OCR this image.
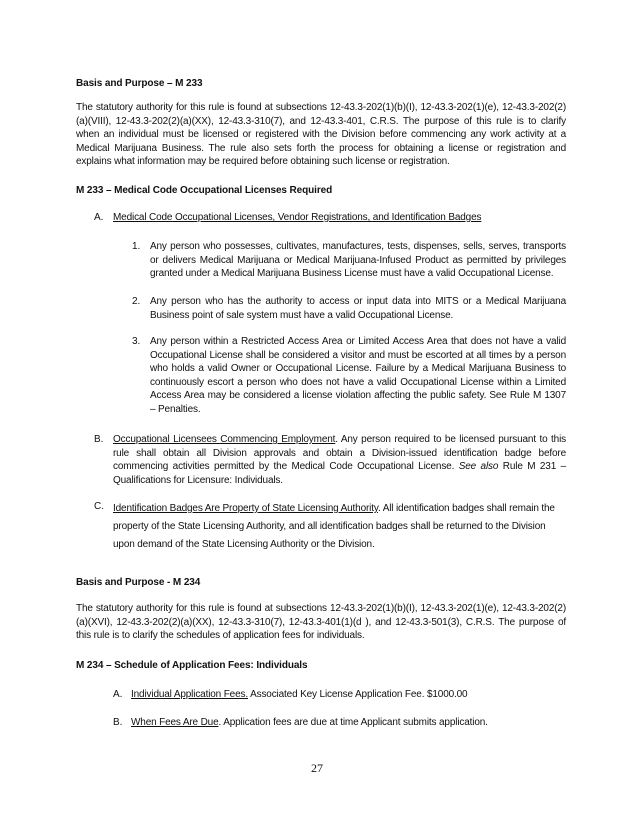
Basis and Purpose – M 233
The statutory authority for this rule is found at subsections 12-43.3-202(1)(b)(I), 12-43.3-202(1)(e), 12-43.3-202(2)(a)(VIII), 12-43.3-202(2)(a)(XX), 12-43.3-310(7), and 12-43.3-401, C.R.S. The purpose of this rule is to clarify when an individual must be licensed or registered with the Division before commencing any work activity at a Medical Marijuana Business. The rule also sets forth the process for obtaining a license or registration and explains what information may be required before obtaining such license or registration.
M 233 – Medical Code Occupational Licenses Required
A. Medical Code Occupational Licenses, Vendor Registrations, and Identification Badges
1. Any person who possesses, cultivates, manufactures, tests, dispenses, sells, serves, transports or delivers Medical Marijuana or Medical Marijuana-Infused Product as permitted by privileges granted under a Medical Marijuana Business License must have a valid Occupational License.
2. Any person who has the authority to access or input data into MITS or a Medical Marijuana Business point of sale system must have a valid Occupational License.
3. Any person within a Restricted Access Area or Limited Access Area that does not have a valid Occupational License shall be considered a visitor and must be escorted at all times by a person who holds a valid Owner or Occupational License. Failure by a Medical Marijuana Business to continuously escort a person who does not have a valid Occupational License within a Limited Access Area may be considered a license violation affecting the public safety. See Rule M 1307 – Penalties.
B. Occupational Licensees Commencing Employment. Any person required to be licensed pursuant to this rule shall obtain all Division approvals and obtain a Division-issued identification badge before commencing activities permitted by the Medical Code Occupational License. See also Rule M 231 – Qualifications for Licensure: Individuals.
C. Identification Badges Are Property of State Licensing Authority. All identification badges shall remain the
property of the State Licensing Authority, and all identification badges shall be returned to the Division
upon demand of the State Licensing Authority or the Division.
Basis and Purpose - M 234
The statutory authority for this rule is found at subsections 12-43.3-202(1)(b)(I), 12-43.3-202(1)(e), 12-43.3-202(2)(a)(XVI), 12-43.3-202(2)(a)(XX), 12-43.3-310(7), 12-43.3-401(1)(d ), and 12-43.3-501(3), C.R.S. The purpose of this rule is to clarify the schedules of application fees for individuals.
M 234 – Schedule of Application Fees: Individuals
A. Individual Application Fees. Associated Key License Application Fee. $1000.00
B. When Fees Are Due. Application fees are due at time Applicant submits application.
27
